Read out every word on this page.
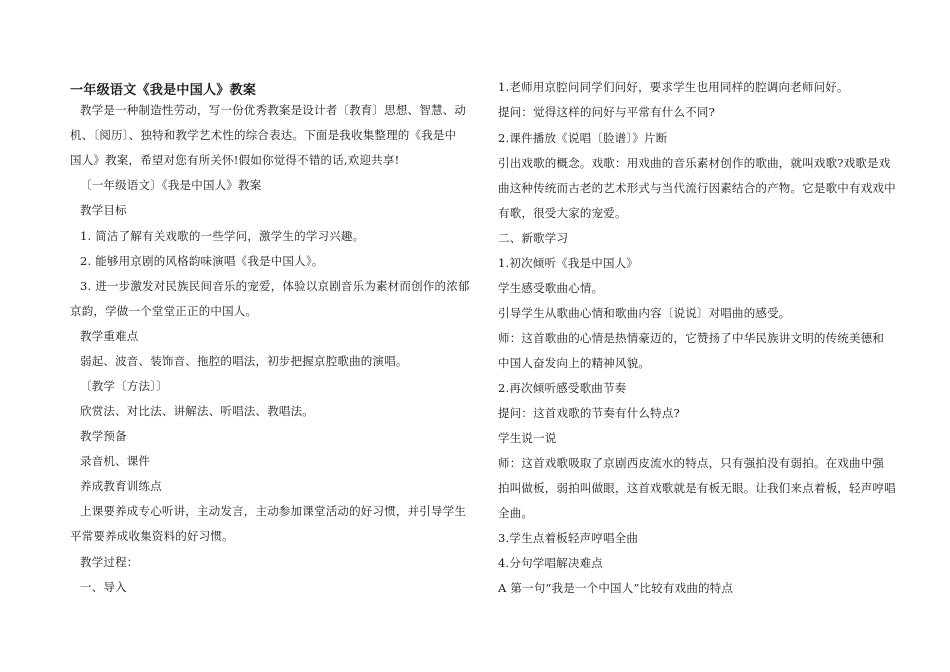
一年级语文《我是中国人》教案
教学是一种制造性劳动，写一份优秀教案是设计者〔教育〕思想、智慧、动
机、〔阅历〕、独特和教学艺术性的综合表达。下面是我收集整理的《我是中
国人》教案，希望对您有所关怀!假如你觉得不错的话,欢迎共享!
〔一年级语文〕《我是中国人》教案
教学目标
1. 简洁了解有关戏歌的一些学问，激学生的学习兴趣。
2. 能够用京剧的风格韵味演唱《我是中国人》。
3. 进一步激发对民族民间音乐的宠爱，体验以京剧音乐为素材而创作的浓郁
京韵，学做一个堂堂正正的中国人。
教学重难点
弱起、波音、装饰音、拖腔的唱法，初步把握京腔歌曲的演唱。
〔教学〔方法〕〕
欣赏法、对比法、讲解法、听唱法、教唱法。
教学预备
录音机、课件
养成教育训练点
上课要养成专心听讲，主动发言，主动参加课堂活动的好习惯，并引导学生
平常要养成收集资料的好习惯。
教学过程：
一、导入
1.老师用京腔问同学们问好，要求学生也用同样的腔调向老师问好。
提问：觉得这样的问好与平常有什么不同?
2.课件播放《说唱〔脸谱〕》片断
引出戏歌的概念。戏歌：用戏曲的音乐素材创作的歌曲，就叫戏歌?戏歌是戏
曲这种传统而古老的艺术形式与当代流行因素结合的产物。它是歌中有戏戏中
有歌，很受大家的宠爱。
二、新歌学习
1.初次倾听《我是中国人》
学生感受歌曲心情。
引导学生从歌曲心情和歌曲内容〔说说〕对唱曲的感受。
师：这首歌曲的心情是热情豪迈的，它赞扬了中华民族讲文明的传统美德和
中国人奋发向上的精神风貌。
2.再次倾听感受歌曲节奏
提问：这首戏歌的节奏有什么特点?
学生说一说
师：这首戏歌吸取了京剧西皮流水的特点，只有强拍没有弱拍。在戏曲中强
拍叫做板，弱拍叫做眼，这首戏歌就是有板无眼。让我们来点着板，轻声哼唱
全曲。
3.学生点着板轻声哼唱全曲
4.分句学唱解决难点
A 第一句“我是一个中国人”比较有戏曲的特点
